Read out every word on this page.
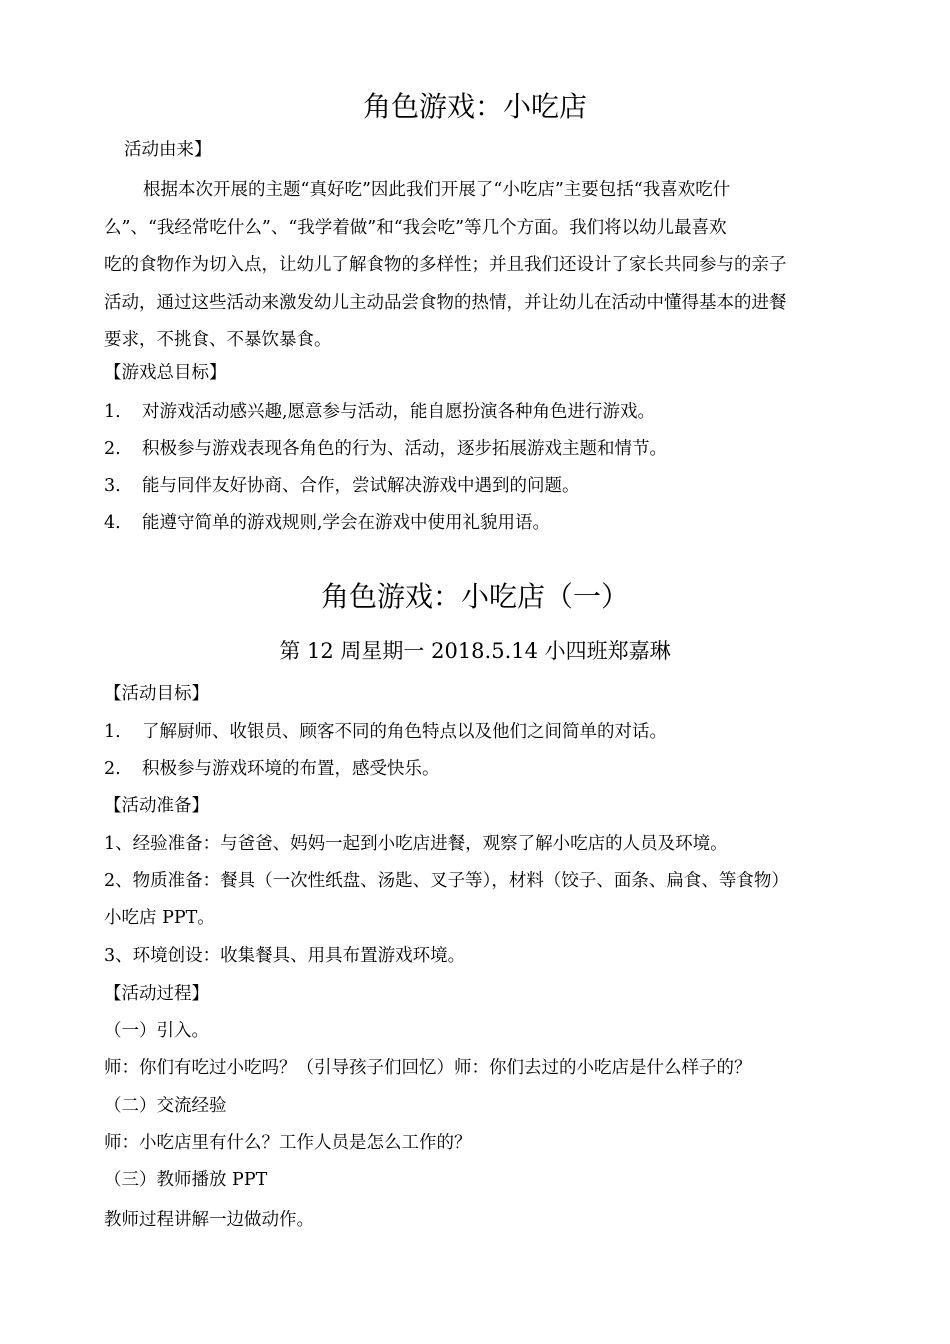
角色游戏：小吃店
活动由来】
根据本次开展的主题“真好吃”因此我们开展了“小吃店”主要包括“我喜欢吃什
么”、“我经常吃什么”、“我学着做”和“我会吃”等几个方面。我们将以幼儿最喜欢
吃的食物作为切入点，让幼儿了解食物的多样性；并且我们还设计了家长共同参与的亲子
活动，通过这些活动来激发幼儿主动品尝食物的热情，并让幼儿在活动中懂得基本的进餐
要求，不挑食、不暴饮暴食。
【游戏总目标】
1. 对游戏活动感兴趣,愿意参与活动，能自愿扮演各种角色进行游戏。
2. 积极参与游戏表现各角色的行为、活动，逐步拓展游戏主题和情节。
3. 能与同伴友好协商、合作，尝试解决游戏中遇到的问题。
4. 能遵守简单的游戏规则,学会在游戏中使用礼貌用语。
角色游戏：小吃店（一）
第 12 周星期一 2018.5.14 小四班郑嘉琳
【活动目标】
1. 了解厨师、收银员、顾客不同的角色特点以及他们之间简单的对话。
2. 积极参与游戏环境的布置，感受快乐。
【活动准备】
1、经验准备：与爸爸、妈妈一起到小吃店进餐，观察了解小吃店的人员及环境。
2、物质准备：餐具（一次性纸盘、汤匙、叉子等），材料（饺子、面条、扁食、等食物）
小吃店 PPT。
3、环境创设：收集餐具、用具布置游戏环境。
【活动过程】
（一）引入。
师：你们有吃过小吃吗？（引导孩子们回忆）师：你们去过的小吃店是什么样子的？
（二）交流经验
师：小吃店里有什么？工作人员是怎么工作的？
（三）教师播放 PPT
教师过程讲解一边做动作。
